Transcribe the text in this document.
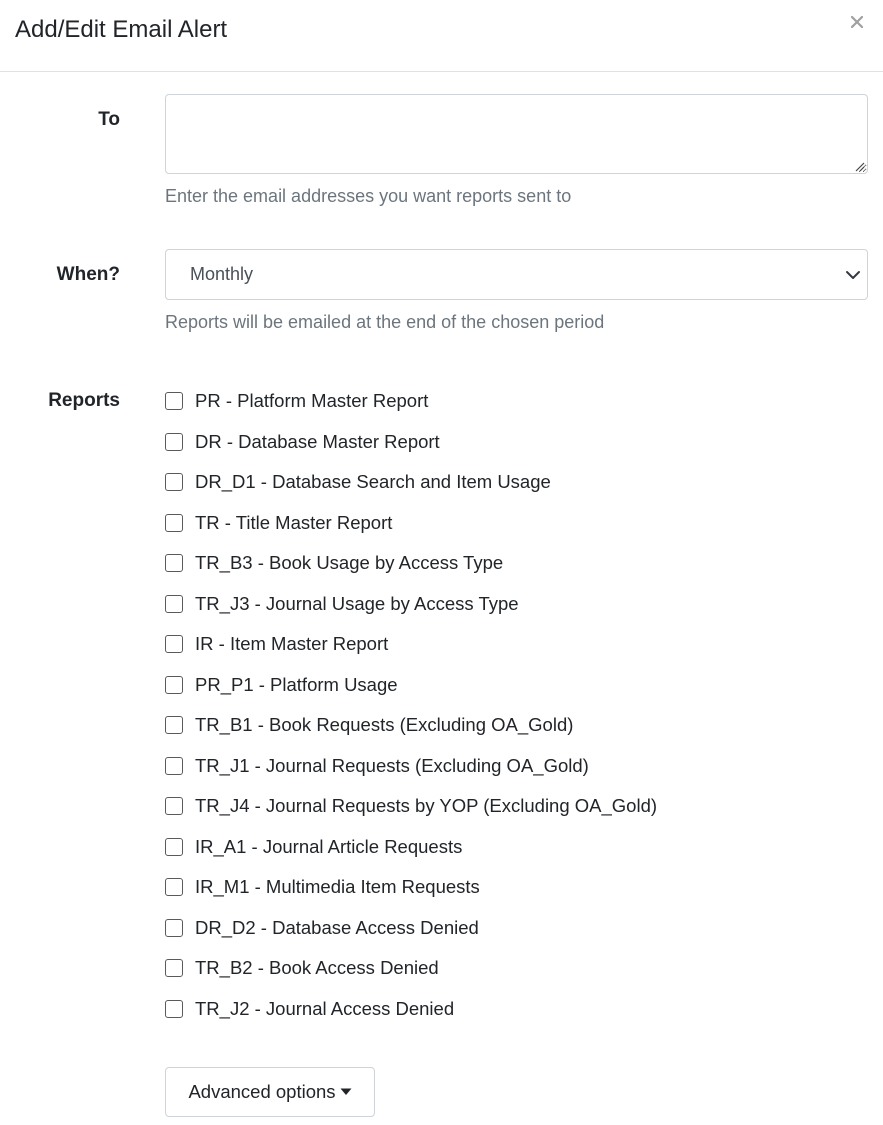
Add/Edit Email Alert
To
Enter the email addresses you want reports sent to
When?	Monthly
Reports will be emailed at the end of the chosen period
Reports	PR - Platform Master Report
DR - Database Master Report
DR_D1 - Database Search and Item Usage
TR - Title Master Report
TR_B3 - Book Usage by Access Type
TR_J3 - Journal Usage by Access Type
IR - Item Master Report
PR_P1 - Platform Usage
TR_B1 - Book Requests (Excluding OA_Gold)
TR_J1 - Journal Requests (Excluding OA_Gold)
TR_J4 - Journal Requests by YOP (Excluding OA_Gold)
IR_A1 - Journal Article Requests
IR_M1 - Multimedia Item Requests
DR_D2 - Database Access Denied
TR_B2 - Book Access Denied
TR_J2 - Journal Access Denied
Advanced options
